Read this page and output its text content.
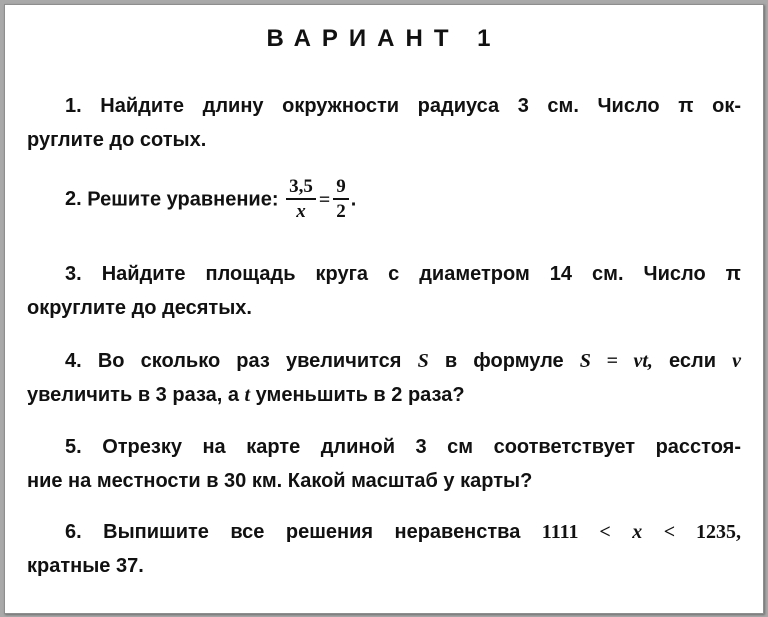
ВАРИАНТ 1
1. Найдите длину окружности радиуса 3 см. Число π ок-
руглите до сотых.
2. Решите уравнение: $\frac{3,5}{x} = \frac{9}{2}$ .
3. Найдите площадь круга с диаметром 14 см. Число π
округлите до десятых.
4. Во сколько раз увеличится S в формуле S = vt, если v
увеличить в 3 раза, а t уменьшить в 2 раза?
5. Отрезку на карте длиной 3 см соответствует расстоя-
ние на местности в 30 км. Какой масштаб у карты?
6. Выпишите все решения неравенства 1111 < x < 1235,
кратные 37.
